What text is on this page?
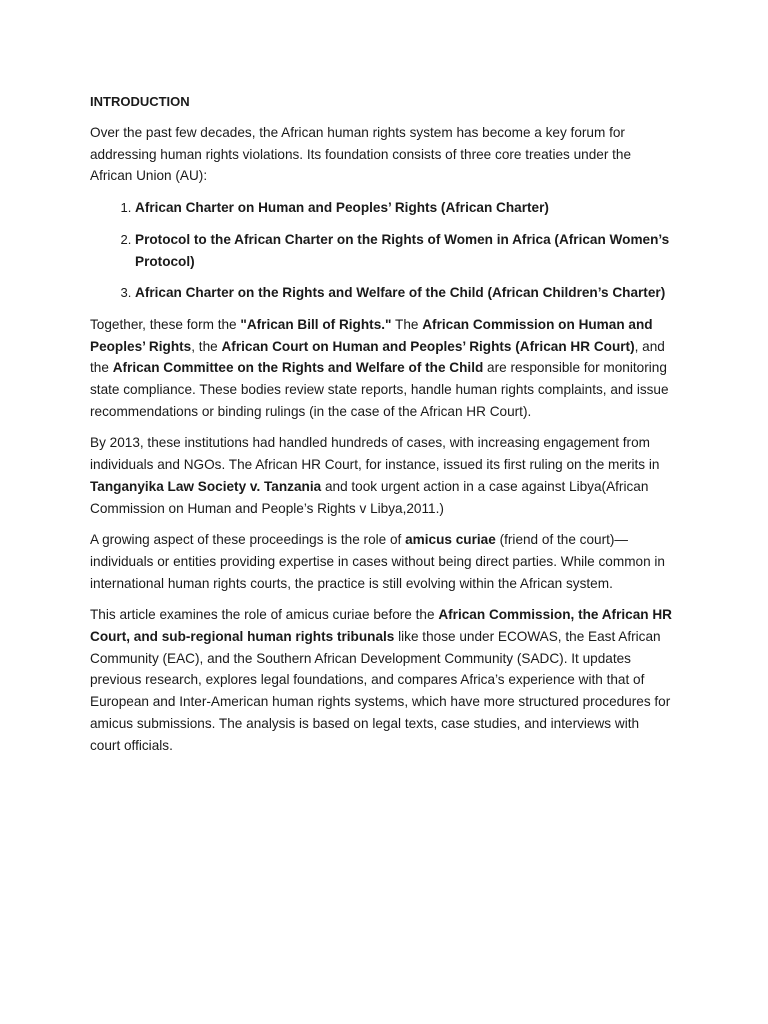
INTRODUCTION

Over the past few decades, the African human rights system has become a key forum for addressing human rights violations. Its foundation consists of three core treaties under the African Union (AU):

1. African Charter on Human and Peoples’ Rights (African Charter)
2. Protocol to the African Charter on the Rights of Women in Africa (African Women’s Protocol)
3. African Charter on the Rights and Welfare of the Child (African Children’s Charter)

Together, these form the "African Bill of Rights." The African Commission on Human and Peoples’ Rights, the African Court on Human and Peoples’ Rights (African HR Court), and the African Committee on the Rights and Welfare of the Child are responsible for monitoring state compliance. These bodies review state reports, handle human rights complaints, and issue recommendations or binding rulings (in the case of the African HR Court).

By 2013, these institutions had handled hundreds of cases, with increasing engagement from individuals and NGOs. The African HR Court, for instance, issued its first ruling on the merits in Tanganyika Law Society v. Tanzania and took urgent action in a case against Libya(African Commission on Human and People’s Rights v Libya,2011.)

A growing aspect of these proceedings is the role of amicus curiae (friend of the court)—individuals or entities providing expertise in cases without being direct parties. While common in international human rights courts, the practice is still evolving within the African system.

This article examines the role of amicus curiae before the African Commission, the African HR Court, and sub-regional human rights tribunals like those under ECOWAS, the East African Community (EAC), and the Southern African Development Community (SADC). It updates previous research, explores legal foundations, and compares Africa’s experience with that of European and Inter-American human rights systems, which have more structured procedures for amicus submissions. The analysis is based on legal texts, case studies, and interviews with court officials.
